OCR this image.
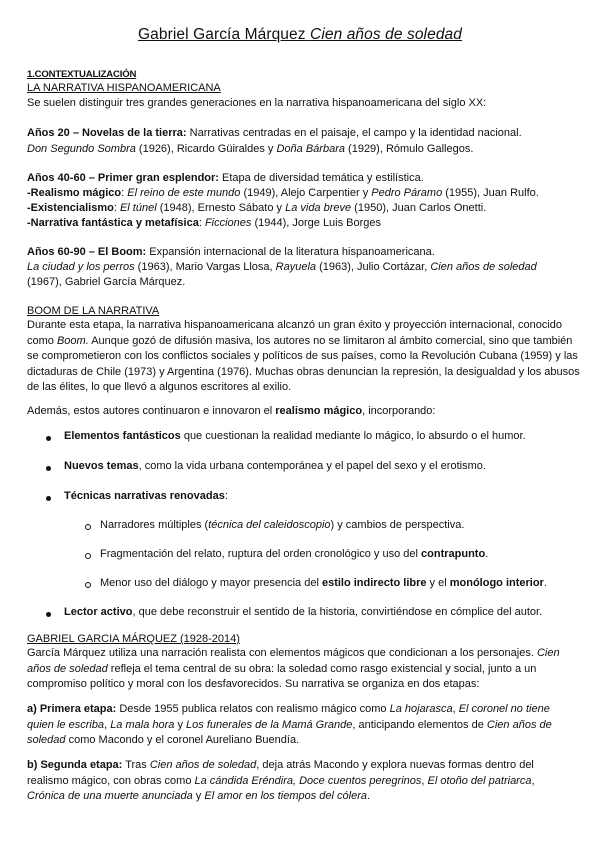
Gabriel García Márquez Cien años de soledad
1.CONTEXTUALIZACIÓN
LA NARRATIVA HISPANOAMERICANA
Se suelen distinguir tres grandes generaciones en la narrativa hispanoamericana del siglo XX:
Años 20 – Novelas de la tierra: Narrativas centradas en el paisaje, el campo y la identidad nacional.
Don Segundo Sombra (1926), Ricardo Güiraldes y Doña Bárbara (1929), Rómulo Gallegos.
Años 40-60 – Primer gran esplendor: Etapa de diversidad temática y estilística.
-Realismo mágico: El reino de este mundo (1949), Alejo Carpentier y Pedro Páramo (1955), Juan Rulfo.
-Existencialismo: El túnel (1948), Ernesto Sábato y La vida breve (1950), Juan Carlos Onetti.
-Narrativa fantástica y metafísica: Ficciones (1944), Jorge Luis Borges
Años 60-90 – El Boom: Expansión internacional de la literatura hispanoamericana.
La ciudad y los perros (1963), Mario Vargas Llosa, Rayuela (1963), Julio Cortázar, Cien años de soledad
(1967), Gabriel García Márquez.
BOOM DE LA NARRATIVA
Durante esta etapa, la narrativa hispanoamericana alcanzó un gran éxito y proyección internacional, conocido como Boom. Aunque gozó de difusión masiva, los autores no se limitaron al ámbito comercial, sino que también se comprometieron con los conflictos sociales y políticos de sus países, como la Revolución Cubana (1959) y las dictaduras de Chile (1973) y Argentina (1976). Muchas obras denuncian la represión, la desigualdad y los abusos de las élites, lo que llevó a algunos escritores al exilio.
Además, estos autores continuaron e innovaron el realismo mágico, incorporando:
Elementos fantásticos que cuestionan la realidad mediante lo mágico, lo absurdo o el humor.
Nuevos temas, como la vida urbana contemporánea y el papel del sexo y el erotismo.
Técnicas narrativas renovadas:
Narradores múltiples (técnica del caleidoscopio) y cambios de perspectiva.
Fragmentación del relato, ruptura del orden cronológico y uso del contrapunto.
Menor uso del diálogo y mayor presencia del estilo indirecto libre y el monólogo interior.
Lector activo, que debe reconstruir el sentido de la historia, convirtiéndose en cómplice del autor.
GABRIEL GARCIA MÁRQUEZ (1928-2014)
García Márquez utiliza una narración realista con elementos mágicos que condicionan a los personajes. Cien años de soledad refleja el tema central de su obra: la soledad como rasgo existencial y social, junto a un compromiso político y moral con los desfavorecidos. Su narrativa se organiza en dos etapas:
a) Primera etapa: Desde 1955 publica relatos con realismo mágico como La hojarasca, El coronel no tiene quien le escriba, La mala hora y Los funerales de la Mamá Grande, anticipando elementos de Cien años de soledad como Macondo y el coronel Aureliano Buendía.
b) Segunda etapa: Tras Cien años de soledad, deja atrás Macondo y explora nuevas formas dentro del realismo mágico, con obras como La cándida Eréndira, Doce cuentos peregrinos, El otoño del patriarca, Crónica de una muerte anunciada y El amor en los tiempos del cólera.
